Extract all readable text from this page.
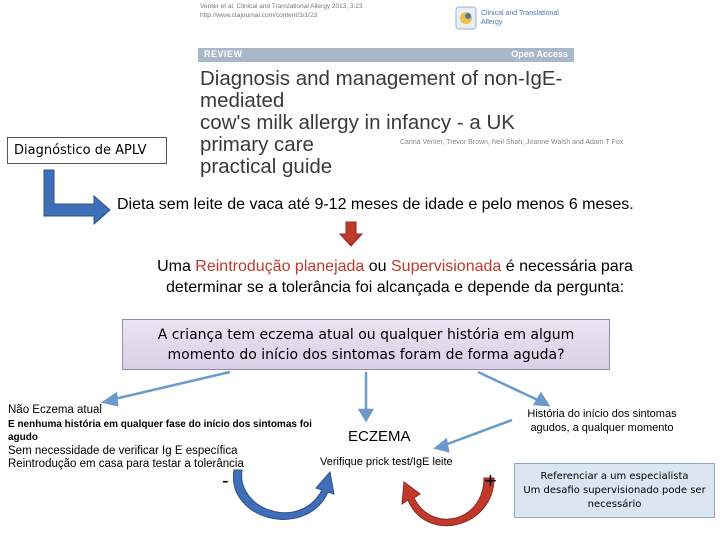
Venter et al. Clinical and Translational Allergy 2013, 3:23
http://www.ctajournal.com/content/3/1/23	Clinical and Translational
Allergy
REVIEW	Open Access
Diagnosis and management of non-IgE-mediated
cow's milk allergy in infancy - a UK primary care
practical guide
Carina Venter, Trevor Brown, Neil Shah, Joanne Walsh and Adam T Fox
Diagnóstico de APLV
Dieta sem leite de vaca até 9-12 meses de idade e pelo menos 6 meses.
Uma Reintrodução planejada ou Supervisionada é necessária para
determinar se a tolerância foi alcançada e depende da pergunta:
A criança tem eczema atual ou qualquer história em algum
momento do início dos sintomas foram de forma aguda?
Não Eczema atual
E nenhuma história em qualquer fase do início dos sintomas foi
agudo
Sem necessidade de verificar Ig E específica
Reintrodução em casa para testar a tolerância
ECZEMA
Verifique prick test/IgE leite
História do início dos sintomas
agudos, a qualquer momento
-	+	Referenciar a um especialista
Um desafio supervisionado pode ser
necessário
